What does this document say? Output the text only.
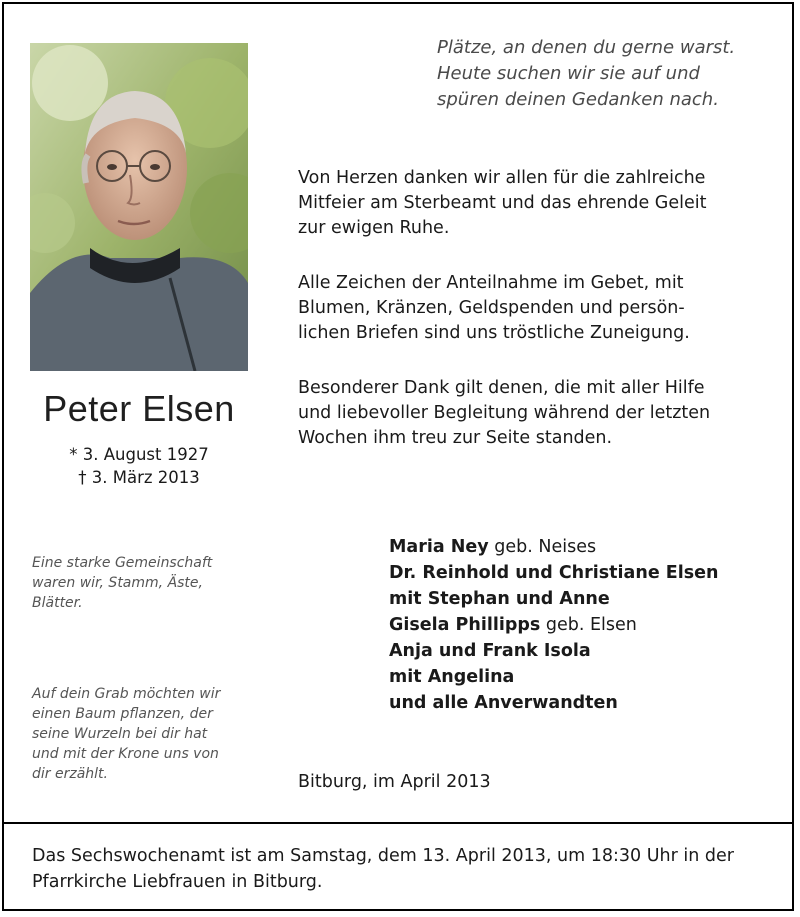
Peter Elsen
* 3. August 1927
† 3. März 2013
Plätze, an denen du gerne warst.
Heute suchen wir sie auf und
spüren deinen Gedanken nach.
Von Herzen danken wir allen für die zahlreiche
Mitfeier am Sterbeamt und das ehrende Geleit
zur ewigen Ruhe.
Alle Zeichen der Anteilnahme im Gebet, mit
Blumen, Kränzen, Geldspenden und persön-
lichen Briefen sind uns tröstliche Zuneigung.
Besonderer Dank gilt denen, die mit aller Hilfe
und liebevoller Begleitung während der letzten
Wochen ihm treu zur Seite standen.
Eine starke Gemeinschaft
waren wir, Stamm, Äste,
Blätter.
Auf dein Grab möchten wir
einen Baum pflanzen, der
seine Wurzeln bei dir hat
und mit der Krone uns von
dir erzählt.
Maria Ney geb. Neises
Dr. Reinhold und Christiane Elsen
mit Stephan und Anne
Gisela Phillipps geb. Elsen
Anja und Frank Isola
mit Angelina
und alle Anverwandten
Bitburg, im April 2013
Das Sechswochenamt ist am Samstag, dem 13. April 2013, um 18:30 Uhr in der
Pfarrkirche Liebfrauen in Bitburg.
